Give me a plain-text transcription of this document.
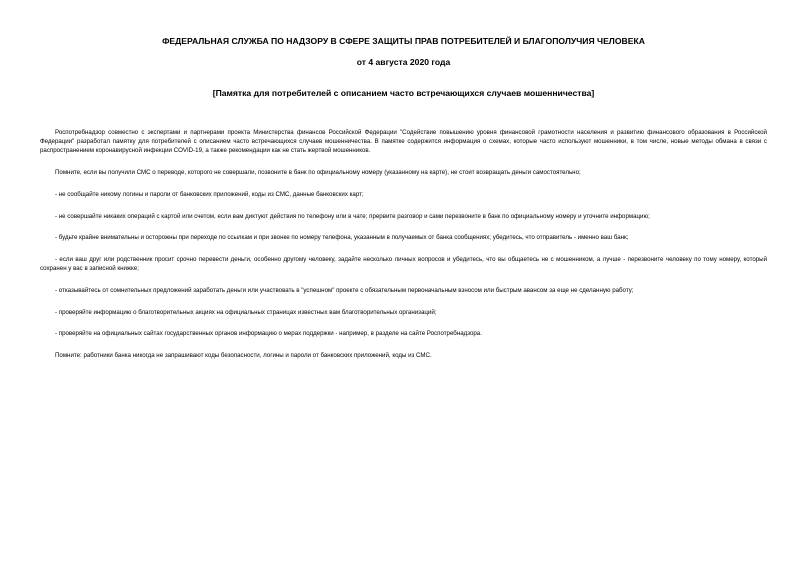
ФЕДЕРАЛЬНАЯ СЛУЖБА ПО НАДЗОРУ В СФЕРЕ ЗАЩИТЫ ПРАВ ПОТРЕБИТЕЛЕЙ И БЛАГОПОЛУЧИЯ ЧЕЛОВЕКА
от 4 августа 2020 года
[Памятка для потребителей с описанием часто встречающихся случаев мошенничества]

Роспотребнадзор совместно с экспертами и партнерами проекта Министерства финансов Российской Федерации "Содействие повышению уровня финансовой грамотности населения и развитию финансового образования в Российской Федерации" разработал памятку для потребителей с описанием часто встречающихся случаев мошенничества. В памятке содержится информация о схемах, которые часто используют мошенники, в том числе, новые методы обмана в связи с распространением коронавирусной инфекции COVID-19, а также рекомендации как не стать жертвой мошенников.

Помните, если вы получили СМС о переводе, которого не совершали, позвоните в банк по официальному номеру (указанному на карте), не стоит возвращать деньги самостоятельно;

- не сообщайте никому логины и пароли от банковских приложений, коды из СМС, данные банковских карт;

- не совершайте никаких операций с картой или счетом, если вам диктуют действия по телефону или в чате; прервите разговор и сами перезвоните в банк по официальному номеру и уточните информацию;

- будьте крайне внимательны и осторожны при переходе по ссылкам и при звонке по номеру телефона, указанным в получаемых от банка сообщениях; убедитесь, что отправитель - именно ваш банк;

- если ваш друг или родственник просит срочно перевести деньги, особенно другому человеку, задайте несколько личных вопросов и убедитесь, что вы общаетесь не с мошенником, а лучше - перезвоните человеку по тому номеру, который сохранен у вас в записной книжке;

- отказывайтесь от сомнительных предложений заработать деньги или участвовать в "успешном" проекте с обязательным первоначальным взносом или быстрым авансом за еще не сделанную работу;

- проверяйте информацию о благотворительных акциях на официальных страницах известных вам благотворительных организаций;

- проверяйте на официальных сайтах государственных органов информацию о мерах поддержки - например, в разделе на сайте Роспотребнадзора.

Помните: работники банка никогда не запрашивают коды безопасности, логины и пароли от банковских приложений, коды из СМС.
